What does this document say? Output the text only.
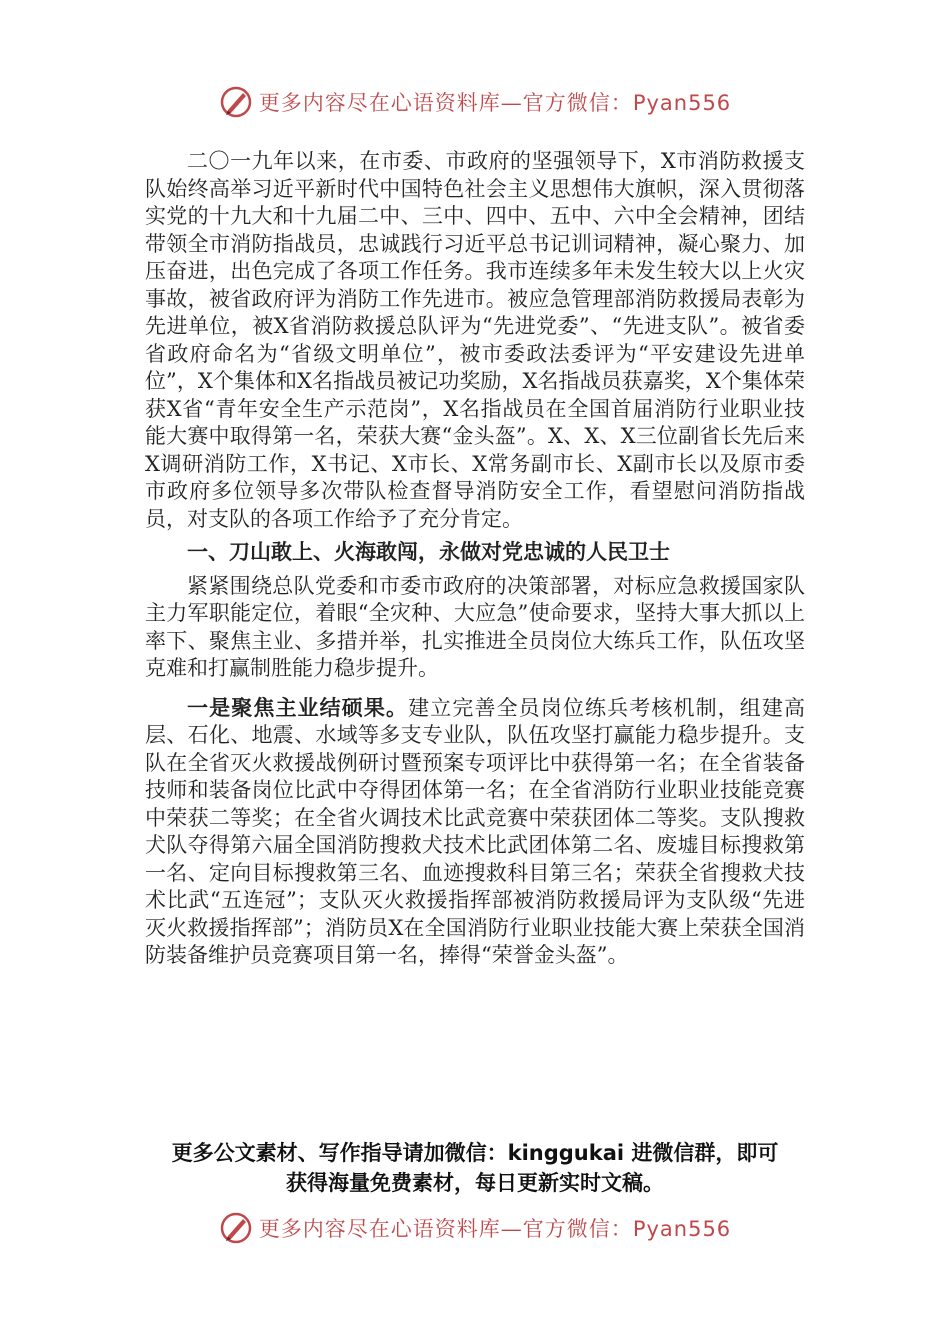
更多内容尽在心语资料库—官方微信：Pyan556

二〇一九年以来，在市委、市政府的坚强领导下，X市消防救援支队始终高举习近平新时代中国特色社会主义思想伟大旗帜，深入贯彻落实党的十九大和十九届二中、三中、四中、五中、六中全会精神，团结带领全市消防指战员，忠诚践行习近平总书记训词精神，凝心聚力、加压奋进，出色完成了各项工作任务。我市连续多年未发生较大以上火灾事故，被省政府评为消防工作先进市。被应急管理部消防救援局表彰为先进单位，被X省消防救援总队评为“先进党委”、“先进支队”。被省委省政府命名为“省级文明单位”，被市委政法委评为“平安建设先进单位”，X个集体和X名指战员被记功奖励，X名指战员获嘉奖，X个集体荣获X省“青年安全生产示范岗”，X名指战员在全国首届消防行业职业技能大赛中取得第一名，荣获大赛“金头盔”。X、X、X三位副省长先后来X调研消防工作，X书记、X市长、X常务副市长、X副市长以及原市委市政府多位领导多次带队检查督导消防安全工作，看望慰问消防指战员，对支队的各项工作给予了充分肯定。

一、刀山敢上、火海敢闯，永做对党忠诚的人民卫士

紧紧围绕总队党委和市委市政府的决策部署，对标应急救援国家队主力军职能定位，着眼“全灾种、大应急”使命要求，坚持大事大抓以上率下、聚焦主业、多措并举，扎实推进全员岗位大练兵工作，队伍攻坚克难和打赢制胜能力稳步提升。

一是聚焦主业结硕果。建立完善全员岗位练兵考核机制，组建高层、石化、地震、水域等多支专业队，队伍攻坚打赢能力稳步提升。支队在全省灭火救援战例研讨暨预案专项评比中获得第一名；在全省装备技师和装备岗位比武中夺得团体第一名；在全省消防行业职业技能竞赛中荣获二等奖；在全省火调技术比武竞赛中荣获团体二等奖。支队搜救犬队夺得第六届全国消防搜救犬技术比武团体第二名、废墟目标搜救第一名、定向目标搜救第三名、血迹搜救科目第三名；荣获全省搜救犬技术比武“五连冠”；支队灭火救援指挥部被消防救援局评为支队级“先进灭火救援指挥部”；消防员X在全国消防行业职业技能大赛上荣获全国消防装备维护员竞赛项目第一名，捧得“荣誉金头盔”。

更多公文素材、写作指导请加微信：kinggukai 进微信群，即可
获得海量免费素材，每日更新实时文稿。
更多内容尽在心语资料库—官方微信：Pyan556
